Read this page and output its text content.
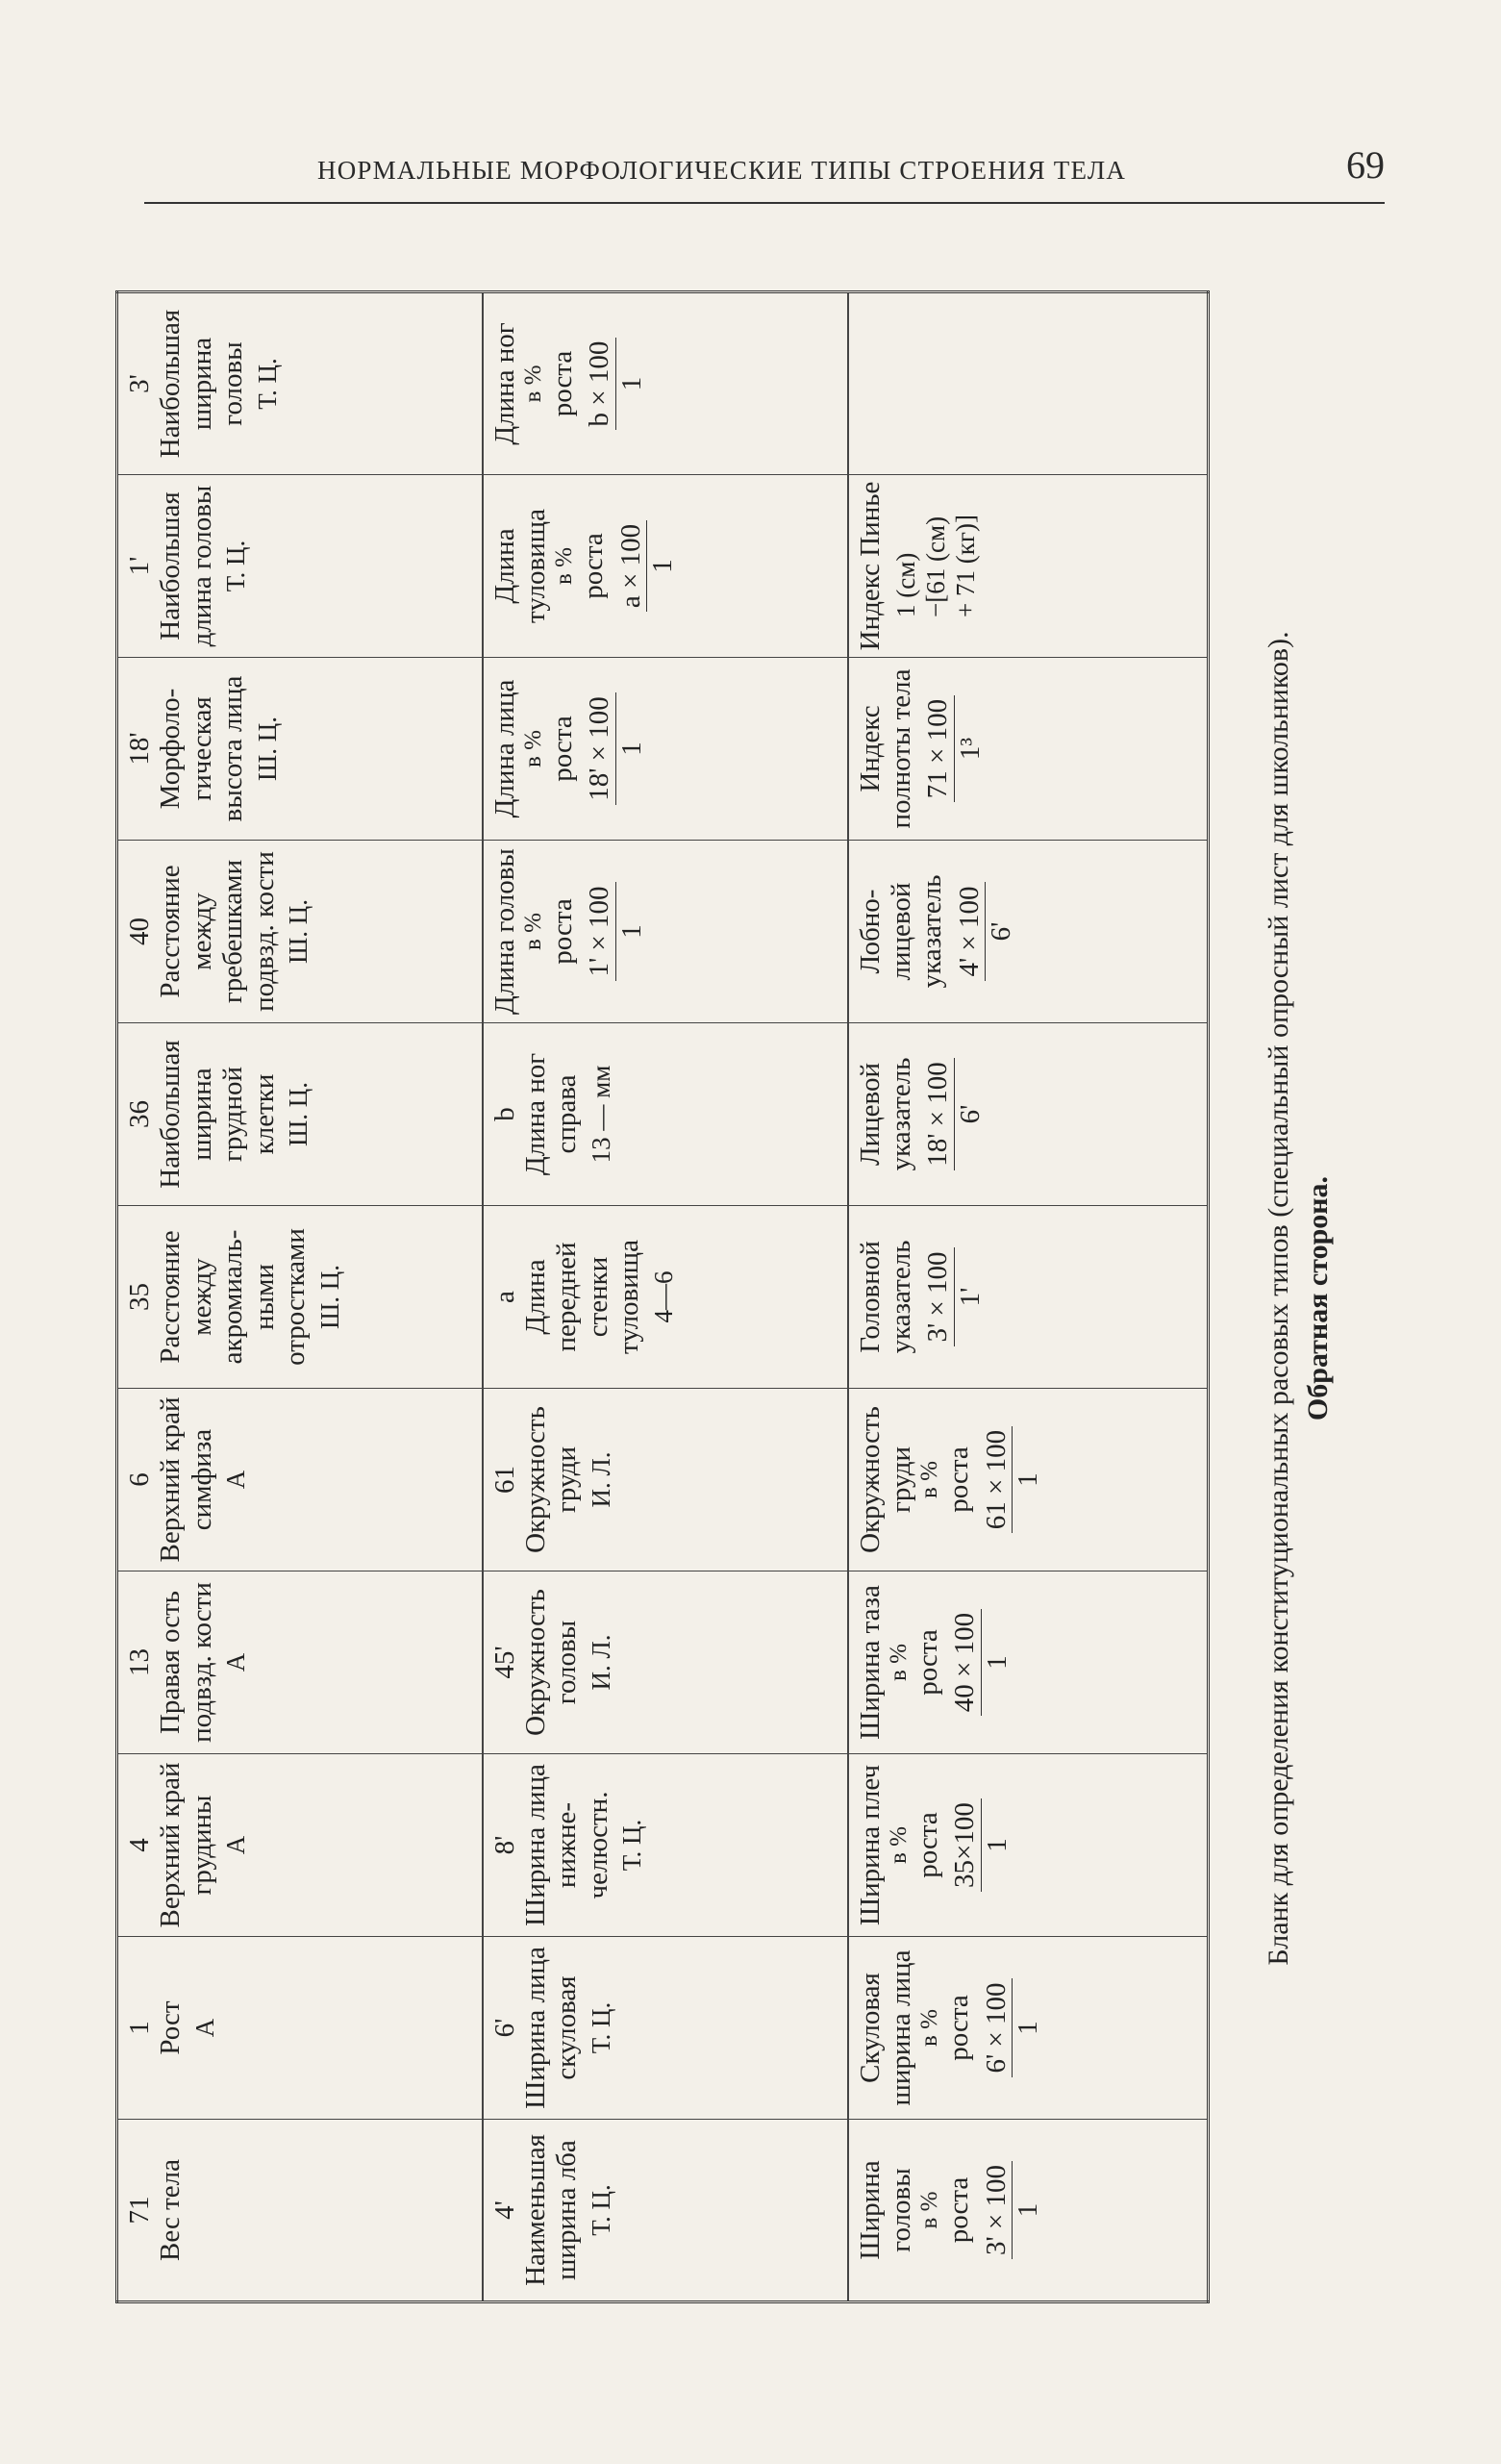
НОРМАЛЬНЫЕ МОРФОЛОГИЧЕСКИЕ ТИПЫ СТРОЕНИЯ ТЕЛА	69
71 Вес тела	1 Рост А	4 Верхний край грудины А	13 Правая ость подвзд. кости А	6 Верхний край симфиза А	35 Расстояние между акромиальными отростками Ш. Ц.	36 Наибольшая ширина грудной клетки Ш. Ц.	40 Расстояние между гребешками подвзд. кости Ш. Ц.	18' Морфологическая высота лица Ш. Ц.	1' Наибольшая длина головы Т. Ц.	3' Наибольшая ширина головы Т. Ц.

4' Наименьшая ширина лба Т. Ц.	6' Ширина лица скуловая Т. Ц.	8' Ширина лица нижнечелюстн. Т. Ц.	45' Окружность головы И. Л.	61 Окружность груди И. Л.	a Длина передней стенки туловища 4—6	b Длина ног справа 13 — мм	Длина головы в % роста 1' × 100 1	Длина лица в % роста 18' × 100 1	Длина туловища в % роста a × 100 1	Длина ног в % роста b × 100 1

Ширина головы в % роста 3' × 100 1	Скуловая ширина лица в % роста 6' × 100 1	Ширина плеч в % роста 35×100 1	Ширина таза в % роста 40 × 100 1	Окружность груди в % роста 61 × 100 1	Головной указатель 3' × 100 1'	Лицевой указатель 18' × 100 6'	Лобнолицевой указатель 4' × 100 6'	Индекс полноты тела 71 × 100 1³	Индекс Пинье 1 (см) −[61 (см) + 71 (кг)]	

Бланк для определения конституциональных расовых типов (специальный опросный лист для школьников). Обратная сторона.
